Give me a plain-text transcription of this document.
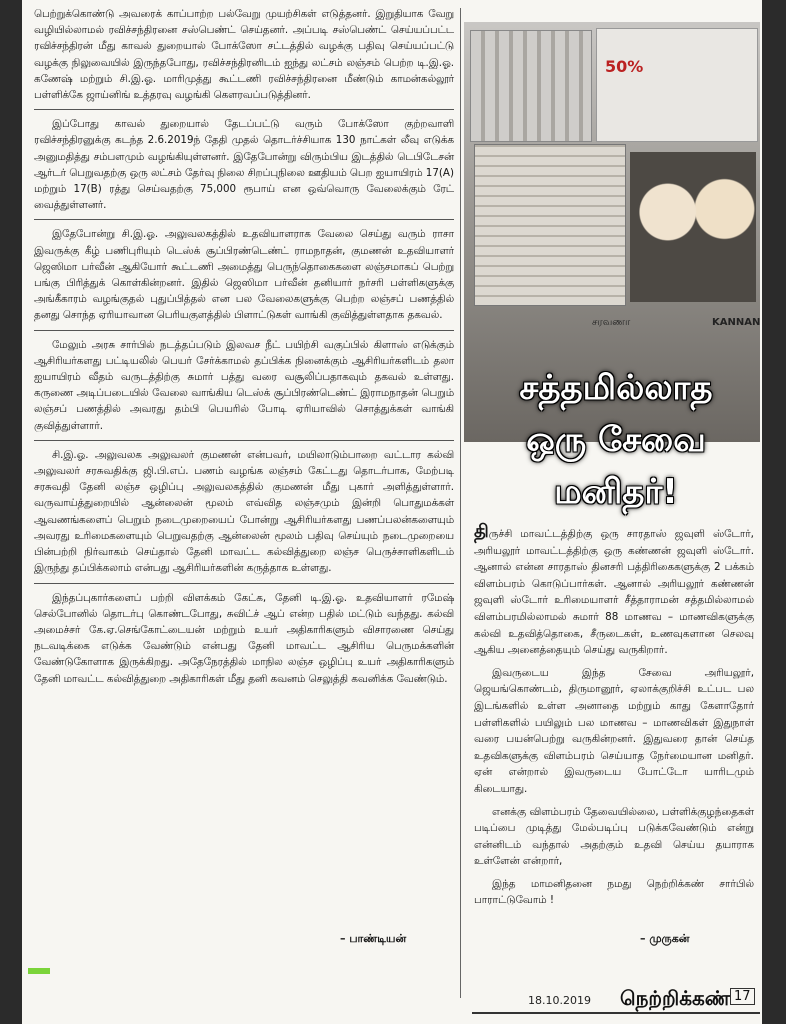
பெற்றுக்கொண்டு அவரைக் காப்பாற்ற பல்வேறு முயற்சிகள் எடுத்தனர். இறுதியாக வேறு வழியில்லாமல் ரவிச்சந்திரனை சஸ்பெண்ட் செய்தனர். அப்படி சஸ்பெண்ட் செய்யப்பட்ட ரவிச்சந்திரன் மீது காவல் துறையால் போக்ஸோ சட்டத்தில் வழக்கு பதிவு செய்யப்பட்டு வழக்கு நிலுவையில் இருந்தபோது, ரவிச்சந்திரனிடம் ஐந்து லட்சம் லஞ்சம் பெற்ற டி.இ.ஓ. கணேஷ் மற்றும் சி.இ.ஓ. மாரிமுத்து கூட்டணி ரவிச்சந்திரனை மீண்டும் காமன்கல்லூர் பள்ளிக்கே ஜாய்னிங் உத்தரவு வழங்கி கௌரவப்படுத்தினர்.

இப்போது காவல் துறையால் தேடப்பட்டு வரும் போக்ஸோ குற்றவாளி ரவிச்சந்திரனுக்கு கடந்த 2.6.2019ந் தேதி முதல் தொடர்ச்சியாக 130 நாட்கள் லீவு எடுக்க அனுமதித்து சம்பளமும் வழங்கியுள்ளனர். இதேபோன்று விரும்பிய இடத்தில் டெபிடேசன் ஆர்டர் பெறுவதற்கு ஒரு லட்சம் தேர்வு நிலை சிறப்புநிலை ஊதியம் பெற ஐயாயிரம் 17(A) மற்றும் 17(B) ரத்து செய்வதற்கு 75,000 ரூபாய் என ஒவ்வொரு வேலைக்கும் ரேட் வைத்துள்ளனர்.

இதேபோன்று சி.இ.ஓ. அலுவலகத்தில் உதவியாளராக வேலை செய்து வரும் ராசா இவருக்கு கீழ் பணிபுரியும் டெஸ்க் சூப்பிரண்டெண்ட் ராமநாதன், குமணன் உதவியாளர் ஜெஸிமா பர்வீன் ஆகியோர் கூட்டணி அமைத்து பெருந்தொகைகளை லஞ்சமாகப் பெற்று பங்கு பிரித்துக் கொள்கின்றனர். இதில் ஜெஸிமா பர்வீன் தனியார் நர்சரி பள்ளிகளுக்கு அங்கீகாரம் வழங்குதல் புதுப்பித்தல் என பல வேலைகளுக்கு பெற்ற லஞ்சப் பணத்தில் தனது சொந்த ஏரியாவான பெரியகுளத்தில் பிளாட்டுகள் வாங்கி குவித்துள்ளதாக தகவல்.

மேலும் அரசு சார்பில் நடத்தப்படும் இலவச நீட் பயிற்சி வகுப்பில் கிளாஸ் எடுக்கும் ஆசிரியர்களது பட்டியலில் பெயர் சேர்க்காமல் தப்பிக்க நினைக்கும் ஆசிரியர்களிடம் தலா ஐயாயிரம் வீதம் வருடத்திற்கு சுமார் பத்து வரை வசூலிப்பதாகவும் தகவல் உள்ளது. கருணை அடிப்படையில் வேலை வாங்கிய டெஸ்க் சூப்பிரண்டெண்ட் இராமநாதன் பெறும் லஞ்சப் பணத்தில் அவரது தம்பி பெயரில் போடி ஏரியாவில் சொத்துக்கள் வாங்கி குவித்துள்ளார்.

சி.இ.ஓ. அலுவலக அலுவலர் குமணன் என்பவர், மயிலாடும்பாறை வட்டார கல்வி அலுவலர் சரசுவதிக்கு ஜி.பி.எப். பணம் வழங்க லஞ்சம் கேட்டது தொடர்பாக, மேற்படி சரசுவதி தேனி லஞ்ச ஒழிப்பு அலுவலகத்தில் குமணன் மீது புகார் அளித்துள்ளார். வருவாய்த்துறையில் ஆன்லைன் மூலம் எவ்வித லஞ்சமும் இன்றி பொதுமக்கள் ஆவணங்களைப் பெறும் நடைமுறையைப் போன்று ஆசிரியர்களது பணப்பலன்களையும் அவரது உரிமைகளையும் பெறுவதற்கு ஆன்லைன் மூலம் பதிவு செய்யும் நடைமுறையை பின்பற்றி நிர்வாகம் செய்தால் தேனி மாவட்ட கல்வித்துறை லஞ்ச பெருச்சாளிகளிடம் இருந்து தப்பிக்கலாம் என்பது ஆசிரியர்களின் கருத்தாக உள்ளது.

இந்தப்புகார்களைப் பற்றி விளக்கம் கேட்க, தேனி டி.இ.ஓ. உதவியாளர் ரமேஷ் செல்போனில் தொடர்பு கொண்டபோது, சுவிட்ச் ஆப் என்ற பதில் மட்டும் வந்தது. கல்வி அமைச்சர் கே.ஏ.செங்கோட்டையன் மற்றும் உயர் அதிகாரிகளும் விசாரணை செய்து நடவடிக்கை எடுக்க வேண்டும் என்பது தேனி மாவட்ட ஆசிரிய பெருமக்களின் வேண்டுகோளாக இருக்கிறது. அதேநேரத்தில் மாநில லஞ்ச ஒழிப்பு உயர் அதிகாரிகளும் தேனி மாவட்ட கல்வித்துறை அதிகாரிகள் மீது தனி கவனம் செலுத்தி கவனிக்க வேண்டும்.

– பாண்டியன்
50%
சரவணா	KANNAN
சத்தமில்லாத
ஒரு சேவை
மனிதர்!

திருச்சி மாவட்டத்திற்கு ஒரு சாரதாஸ் ஜவுளி ஸ்டோர், அரியலூர் மாவட்டத்திற்கு ஒரு கண்ணன் ஜவுளி ஸ்டோர். ஆனால் என்ன சாரதாஸ் தினசரி பத்திரிகைகளுக்கு 2 பக்கம் விளம்பரம் கொடுப்பார்கள். ஆனால் அரியலூர் கண்ணன் ஜவுளி ஸ்டோர் உரிமையாளர் சீத்தாராமன் சத்தமில்லாமல் விளம்பரமில்லாமல் சுமார் 88 மாணவ – மாணவிகளுக்கு கல்வி உதவித்தொகை, சீருடைகள், உணவுகளான செலவு ஆகிய அனைத்தையும் செய்து வருகிறார்.

இவருடைய இந்த சேவை அரியலூர், ஜெயங்கொண்டம், திருமானூர், ஏலாக்குறிச்சி உட்பட பல இடங்களில் உள்ள அனாதை மற்றும் காது கேளாதோர் பள்ளிகளில் பயிலும் பல மாணவ – மாணவிகள் இதுநாள் வரை பயன்பெற்று வருகின்றனர். இதுவரை தான் செய்த உதவிகளுக்கு விளம்பரம் செய்யாத நேர்மையான மனிதர். ஏன் என்றால் இவருடைய போட்டோ யாரிடமும் கிடையாது.

எனக்கு விளம்பரம் தேவையில்லை, பள்ளிக்குழந்தைகள் படிப்பை முடித்து மேல்படிப்பு படுக்கவேண்டும் என்று என்னிடம் வந்தால் அதற்கும் உதவி செய்ய தயாராக உள்ளேன் என்றார்,

இந்த மாமனிதனை நமது நெற்றிக்கண் சார்பில் பாராட்டுவோம் !

– முருகன்
18.10.2019 நெற்றிக்கண் 17
